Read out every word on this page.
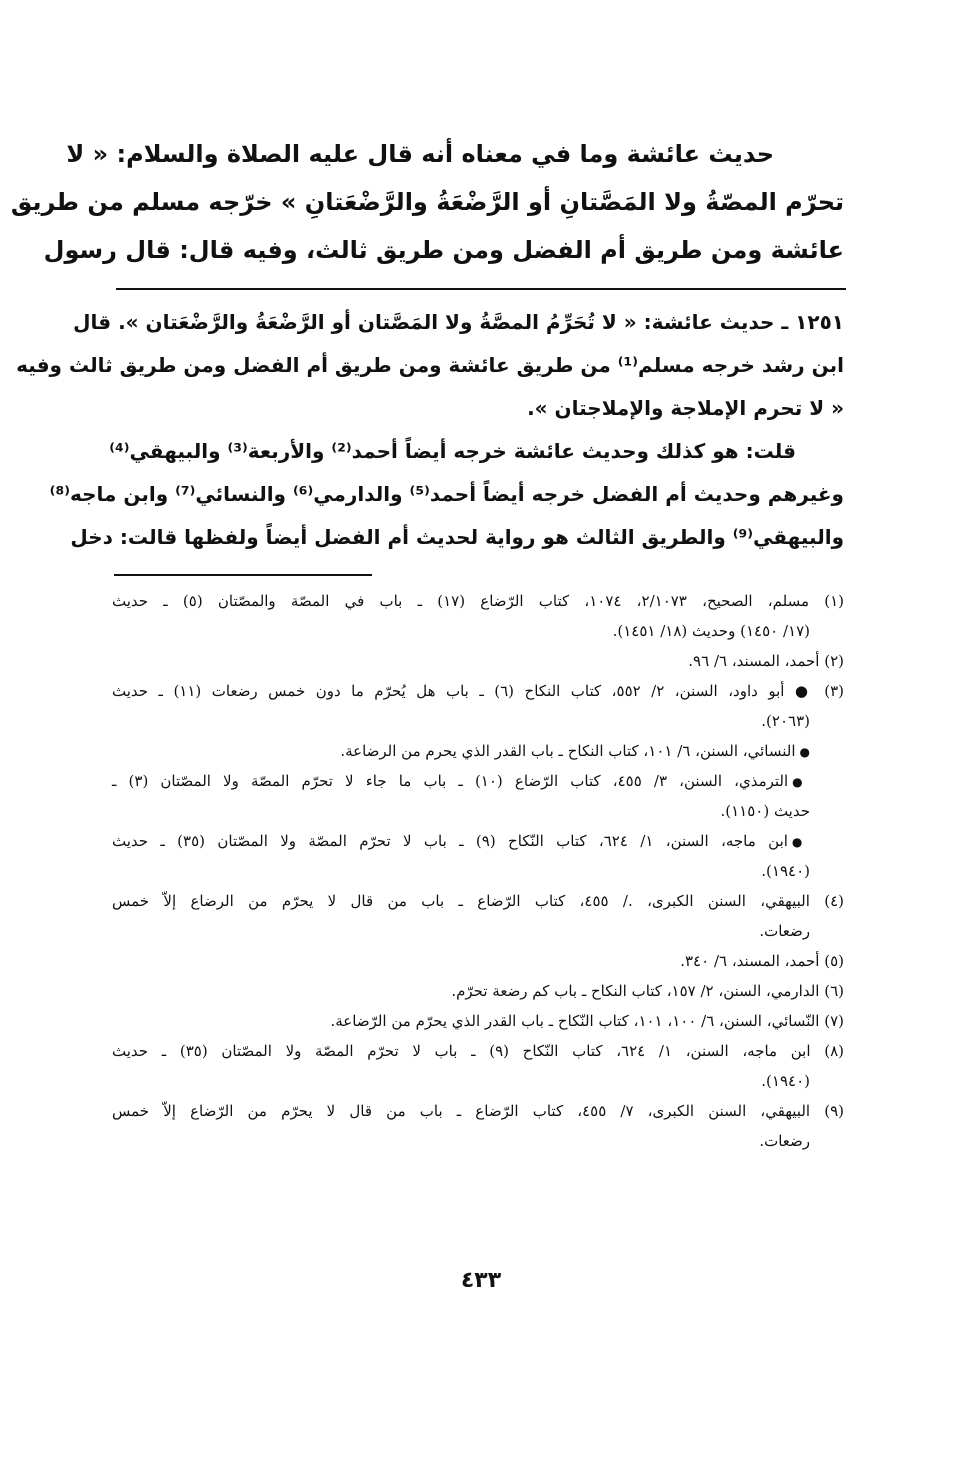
حديث عائشة وما في معناه أنه قال عليه الصلاة والسلام: « لا
تحرّم المصّةُ ولا المَصَّتانِ أو الرَّضْعَةُ والرَّضْعَتانِ » خرّجه مسلم من طريق
عائشة ومن طريق أم الفضل ومن طريق ثالث، وفيه قال: قال رسول
١٢٥١ ـ حديث عائشة: « لا تُحَرِّمُ المصَّةُ ولا المَصَّتان أو الرَّضْعَةُ والرَّضْعَتان ». قال
ابن رشد خرجه مسلم⁽¹⁾ من طريق عائشة ومن طريق أم الفضل ومن طريق ثالث وفيه
« لا تحرم الإملاجة والإملاجتان ».
قلت: هو كذلك وحديث عائشة خرجه أيضاً أحمد⁽²⁾ والأربعة⁽³⁾ والبيهقي⁽⁴⁾
وغيرهم وحديث أم الفضل خرجه أيضاً أحمد⁽⁵⁾ والدارمي⁽⁶⁾ والنسائي⁽⁷⁾ وابن ماجه⁽⁸⁾
والبيهقي⁽⁹⁾ والطريق الثالث هو رواية لحديث أم الفضل أيضاً ولفظها قالت: دخل
(١) مسلم، الصحيح، ٢/١٠٧٣، ١٠٧٤، كتاب الرّضاع (١٧) ـ باب في المصّة والمصّتان (٥) ـ حديث
(١٧/ ١٤٥٠) وحديث (١٨/ ١٤٥١).
(٢) أحمد، المسند، ٦/ ٩٦.
(٣) ● أبو داود، السنن، ٢/ ٥٥٢، كتاب النكاح (٦) ـ باب هل يُحرّم ما دون خمس رضعات (١١) ـ حديث
(٢٠٦٣).
●النسائي، السنن، ٦/ ١٠١، كتاب النكاح ـ باب القدر الذي يحرم من الرضاعة.
●الترمذي، السنن، ٣/ ٤٥٥، كتاب الرّضاع (١٠) ـ باب ما جاء لا تحرّم المصّة ولا المصّتان (٣) ـ
حديث (١١٥٠).
●ابن ماجه، السنن، ١/ ٦٢٤، كتاب النّكاح (٩) ـ باب لا تحرّم المصّة ولا المصّتان (٣٥) ـ حديث
(١٩٤٠).
(٤) البيهقي، السنن الكبرى، ./ ٤٥٥، كتاب الرّضاع ـ باب من قال لا يحرّم من الرضاع إلاّ خمس
رضعات.
(٥) أحمد، المسند، ٦/ ٣٤٠.
(٦) الدارمي، السنن، ٢/ ١٥٧، كتاب النكاح ـ باب كم رضعة تحرّم.
(٧) النّسائي، السنن، ٦/ ١٠٠، ١٠١، كتاب النّكاح ـ باب القدر الذي يحرّم من الرّضاعة.
(٨) ابن ماجه، السنن، ١/ ٦٢٤، كتاب النّكاح (٩) ـ باب لا تحرّم المصّة ولا المصّتان (٣٥) ـ حديث
(١٩٤٠).
(٩) البيهقي، السنن الكبرى، ٧/ ٤٥٥، كتاب الرّضاع ـ باب من قال لا يحرّم من الرّضاع إلاّ خمس
رضعات.
٤٣٣
